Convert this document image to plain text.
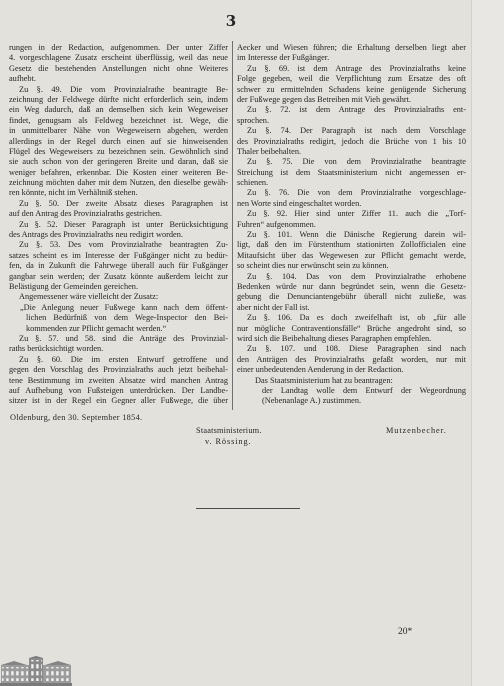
3
rungen in der Redaction, aufgenommen. Der unter Ziffer
4. vorgeschlagene Zusatz erscheint überflüssig, weil das neue
Gesetz die bestehenden Anstellungen nicht ohne Weiteres
aufhebt.
Zu §. 49. Die vom Provinzialrathe beantragte Be-
zeichnung der Feldwege dürfte nicht erforderlich sein, indem
ein Weg dadurch, daß an demselben sich kein Wegeweiser
findet, genugsam als Feldweg bezeichnet ist. Wege, die
in unmittelbarer Nähe von Wegeweisern abgehen, werden
allerdings in der Regel durch einen auf sie hinweisenden
Flügel des Wegeweisers zu bezeichnen sein. Gewöhnlich sind
sie auch schon von der geringeren Breite und daran, daß sie
weniger befahren, erkennbar. Die Kosten einer weiteren Be-
zeichnung möchten daher mit dem Nutzen, den dieselbe gewäh-
ren könnte, nicht im Verhältniß stehen.
Zu §. 50. Der zweite Absatz dieses Paragraphen ist
auf den Antrag des Provinzialraths gestrichen.
Zu §. 52. Dieser Paragraph ist unter Berücksichtigung
des Antrags des Provinzialraths neu redigirt worden.
Zu §. 53. Des vom Provinzialrathe beantragten Zu-
satzes scheint es im Interesse der Fußgänger nicht zu bedür-
fen, da in Zukunft die Fahrwege überall auch für Fußgänger
gangbar sein werden; der Zusatz könnte außerdem leicht zur
Belästigung der Gemeinden gereichen.
Angemessener wäre vielleicht der Zusatz:
„Die Anlegung neuer Fußwege kann nach dem öffent-
lichen Bedürfniß von dem Wege-Inspector den Bei-
kommenden zur Pflicht gemacht werden.“
Zu §. 57. und 58. sind die Anträge des Provinzial-
raths berücksichtigt worden.
Zu §. 60. Die im ersten Entwurf getroffene und
gegen den Vorschlag des Provinzialraths auch jetzt beibehal-
tene Bestimmung im zweiten Absatze wird manchen Antrag
auf Aufhebung von Fußsteigen unterdrücken. Der Landbe-
sitzer ist in der Regel ein Gegner aller Fußwege, die über
Aecker und Wiesen führen; die Erhaltung derselben liegt aber
im Interesse der Fußgänger.
Zu §. 69. ist dem Antrage des Provinzialraths keine
Folge gegeben, weil die Verpflichtung zum Ersatze des oft
schwer zu ermittelnden Schadens keine genügende Sicherung
der Fußwege gegen das Betreiben mit Vieh gewährt.
Zu §. 72. ist dem Antrage des Provinzialraths ent-
sprochen.
Zu §. 74. Der Paragraph ist nach dem Vorschlage
des Provinzialraths redigirt, jedoch die Brüche von 1 bis 10
Thaler beibehalten.
Zu §. 75. Die von dem Provinzialrathe beantragte
Streichung ist dem Staatsministerium nicht angemessen er-
schienen.
Zu §. 76. Die von dem Provinzialrathe vorgeschlage-
nen Worte sind eingeschaltet worden.
Zu §. 92. Hier sind unter Ziffer 11. auch die „Torf-
Fuhren“ aufgenommen.
Zu §. 101. Wenn die Dänische Regierung darein wil-
ligt, daß den im Fürstenthum stationirten Zollofficialen eine
Mitaufsicht über das Wegewesen zur Pflicht gemacht werde,
so scheint dies nur erwünscht sein zu können.
Zu §. 104. Das von dem Provinzialrathe erhobene
Bedenken würde nur dann begründet sein, wenn die Gesetz-
gebung die Denunciantengebühr überall nicht zuließe, was
aber nicht der Fall ist.
Zu §. 106. Da es doch zweifelhaft ist, ob „für alle
nur mögliche Contraventionsfälle“ Brüche angedroht sind, so
wird sich die Beibehaltung dieses Paragraphen empfehlen.
Zu §. 107. und 108. Diese Paragraphen sind nach
den Anträgen des Provinzialraths gefaßt worden, nur mit
einer unbedeutenden Aenderung in der Redaction.
Das Staatsministerium hat zu beantragen:
der Landtag wolle dem Entwurf der Wegeordnung
(Nebenanlage A.) zustimmen.
Oldenburg, den 30. September 1854.
Staatsministerium.
v. Rössing.
Mutzenbecher.
20*
